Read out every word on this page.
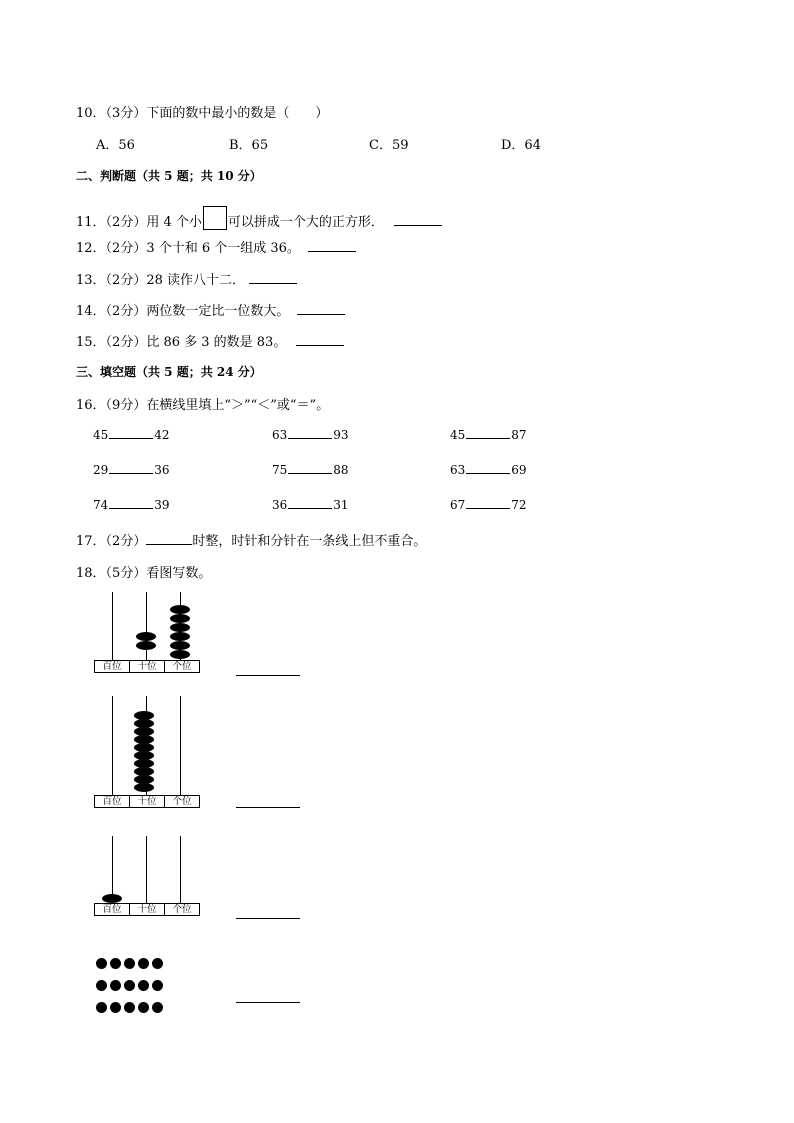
10．（3分）下面的数中最小的数是（　　）
A．56	B．65	C．59	D．64
二、判断题（共 5 题；共 10 分）
11．（2分）用 4 个小 可以拼成一个大的正方形．
12．（2分）3 个十和 6 个一组成 36。
13．（2分）28 读作八十二．
14．（2分）两位数一定比一位数大。
15．（2分）比 86 多 3 的数是 83。
三、填空题（共 5 题；共 24 分）
16．（9分）在横线里填上“＞”“＜”或“＝”。
45	42	63	93	45	87
29	36	75	88	63	69
74	39	36	31	67	72
17．（2分）	时整，时针和分针在一条线上但不重合。
18．（5分）看图写数。
百位	十位	个位
百位	十位	个位
百位	十位	个位
